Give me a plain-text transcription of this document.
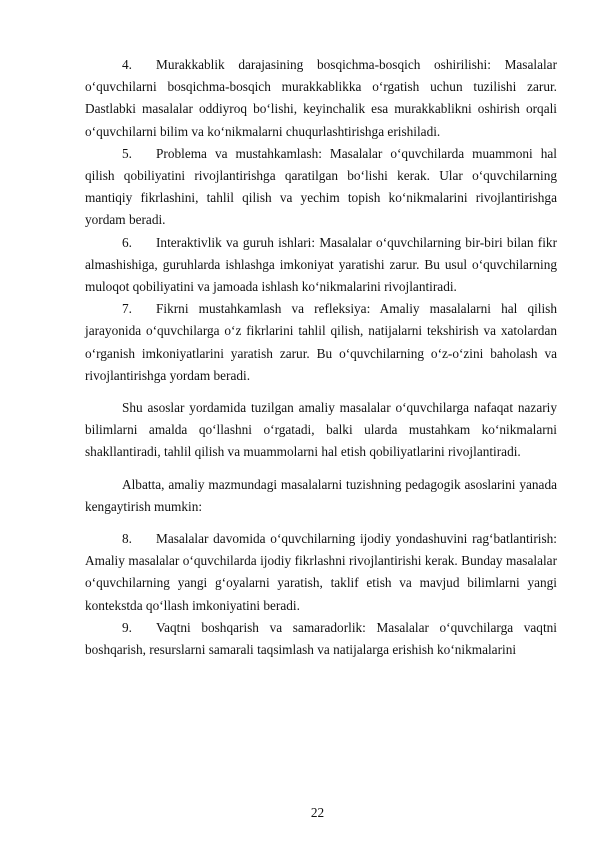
4. Murakkablik darajasining bosqichma-bosqich oshirilishi: Masalalar o‘quvchilarni bosqichma-bosqich murakkablikka o‘rgatish uchun tuzilishi zarur. Dastlabki masalalar oddiyroq bo‘lishi, keyinchalik esa murakkablikni oshirish orqali o‘quvchilarni bilim va ko‘nikmalarni chuqurlashtirishga erishiladi.

5. Problema va mustahkamlash: Masalalar o‘quvchilarda muammoni hal qilish qobiliyatini rivojlantirishga qaratilgan bo‘lishi kerak. Ular o‘quvchilarning mantiqiy fikrlashini, tahlil qilish va yechim topish ko‘nikmalarini rivojlantirishga yordam beradi.

6. Interaktivlik va guruh ishlari: Masalalar o‘quvchilarning bir-biri bilan fikr almashishiga, guruhlarda ishlashga imkoniyat yaratishi zarur. Bu usul o‘quvchilarning muloqot qobiliyatini va jamoada ishlash ko‘nikmalarini rivojlantiradi.

7. Fikrni mustahkamlash va refleksiya: Amaliy masalalarni hal qilish jarayonida o‘quvchilarga o‘z fikrlarini tahlil qilish, natijalarni tekshirish va xatolardan o‘rganish imkoniyatlarini yaratish zarur. Bu o‘quvchilarning o‘z-o‘zini baholash va rivojlantirishga yordam beradi.

Shu asoslar yordamida tuzilgan amaliy masalalar o‘quvchilarga nafaqat nazariy bilimlarni amalda qo‘llashni o‘rgatadi, balki ularda mustahkam ko‘nikmalarni shakllantiradi, tahlil qilish va muammolarni hal etish qobiliyatlarini rivojlantiradi.

Albatta, amaliy mazmundagi masalalarni tuzishning pedagogik asoslarini yanada kengaytirish mumkin:

8. Masalalar davomida o‘quvchilarning ijodiy yondashuvini rag‘batlantirish: Amaliy masalalar o‘quvchilarda ijodiy fikrlashni rivojlantirishi kerak. Bunday masalalar o‘quvchilarning yangi g‘oyalarni yaratish, taklif etish va mavjud bilimlarni yangi kontekstda qo‘llash imkoniyatini beradi.

9. Vaqtni boshqarish va samaradorlik: Masalalar o‘quvchilarga vaqtni boshqarish, resurslarni samarali taqsimlash va natijalarga erishish ko‘nikmalarini

22
